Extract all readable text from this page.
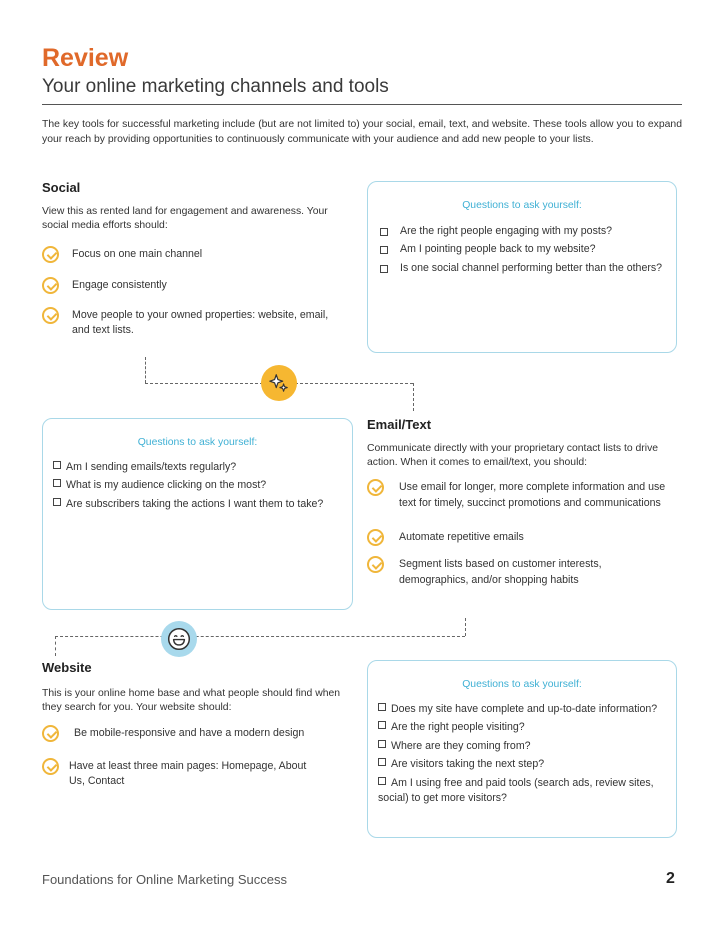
Review
Your online marketing channels and tools
The key tools for successful marketing include (but are not limited to) your social, email, text, and website. These tools allow you to expand your reach by providing opportunities to continuously communicate with your audience and add new people to your lists.
Social
View this as rented land for engagement and awareness. Your social media efforts should:
Focus on one main channel
Engage consistently
Move people to your owned properties: website, email, and text lists.
Questions to ask yourself:
Are the right people engaging with my posts?
Am I pointing people back to my website?
Is one social channel performing better than the others?
Questions to ask yourself:
Am I sending emails/texts regularly?
What is my audience clicking on the most?
Are subscribers taking the actions I want them to take?
Email/Text
Communicate directly with your proprietary contact lists to drive action. When it comes to email/text, you should:
Use email for longer, more complete information and use text for timely, succinct promotions and communications
Automate repetitive emails
Segment lists based on customer interests, demographics, and/or shopping habits
Website
This is your online home base and what people should find when they search for you. Your website should:
Be mobile-responsive and have a modern design
Have at least three main pages: Homepage, About Us, Contact
Questions to ask yourself:
Does my site have complete and up-to-date information?
Are the right people visiting?
Where are they coming from?
Are visitors taking the next step?
Am I using free and paid tools (search ads, review sites, social) to get more visitors?
Foundations for Online Marketing Success	2
